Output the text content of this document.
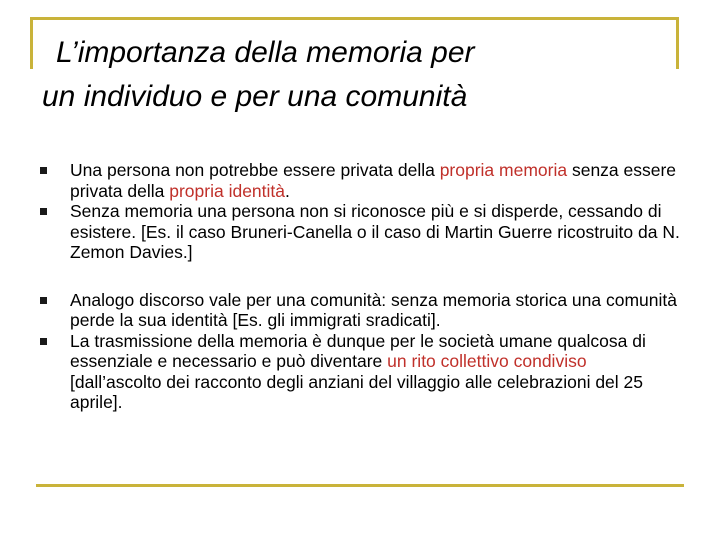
L’importanza della memoria per
un individuo e per una comunità
Una persona non potrebbe essere privata della propria memoria senza essere privata della propria identità.
Senza memoria una persona non si riconosce più e si disperde, cessando di esistere. [Es. il caso Bruneri-Canella o il caso di Martin Guerre ricostruito da N. Zemon Davies.]
Analogo discorso vale per una comunità: senza memoria storica una comunità perde la sua identità [Es. gli immigrati sradicati].
La trasmissione della memoria è dunque per le società umane qualcosa di essenziale e necessario e può diventare un rito collettivo condiviso [dall’ascolto dei racconto degli anziani del villaggio alle celebrazioni del 25 aprile].
